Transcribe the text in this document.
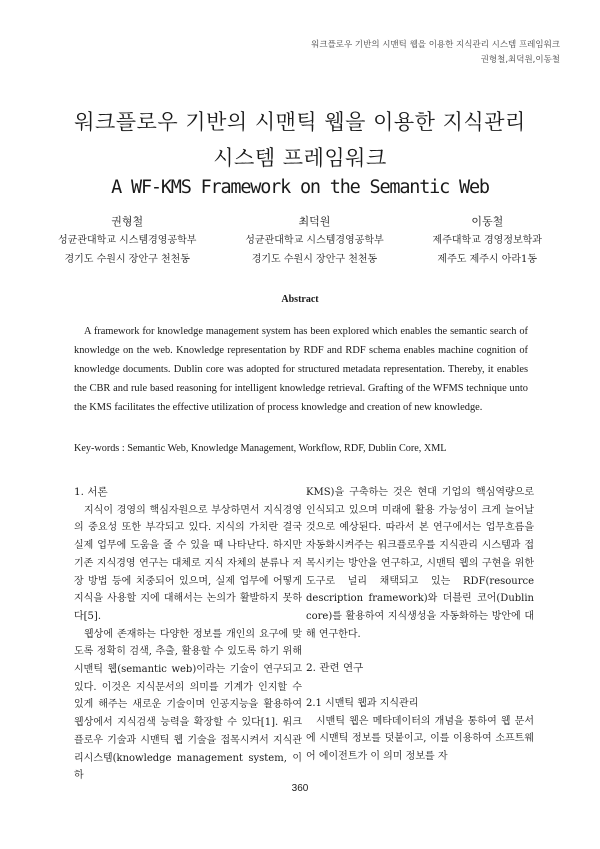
워크플로우 기반의 시맨틱 웹을 이용한 지식관리 시스템 프레임워크
권형철,최덕원,이동철
워크플로우 기반의 시맨틱 웹을 이용한 지식관리
시스템 프레임워크
A WF-KMS Framework on the Semantic Web
권형철
성균관대학교 시스템경영공학부
경기도 수원시 장안구 천천동
최덕원
성균관대학교 시스템경영공학부
경기도 수원시 장안구 천천동
이동철
제주대학교 경영정보학과
제주도 제주시 아라1동
Abstract
A framework for knowledge management system has been explored which enables the semantic search of knowledge on the web. Knowledge representation by RDF and RDF schema enables machine cognition of knowledge documents. Dublin core was adopted for structured metadata representation. Thereby, it enables the CBR and rule based reasoning for intelligent knowledge retrieval. Grafting of the WFMS technique unto the KMS facilitates the effective utilization of process knowledge and creation of new knowledge.
Key-words : Semantic Web, Knowledge Management, Workflow, RDF, Dublin Core, XML
1. 서론

지식이 경영의 핵심자원으로 부상하면서 지식경영의 중요성 또한 부각되고 있다. 지식의 가치란 결국 실제 업무에 도움을 줄 수 있을 때 나타난다. 하지만 기존 지식경영 연구는 대체로 지식 자체의 분류나 저장 방법 등에 치중되어 있으며, 실제 업무에 어떻게 지식을 사용할 지에 대해서는 논의가 활발하지 못하다[5].

웹상에 존재하는 다양한 정보를 개인의 요구에 맞도록 정확히 검색, 추출, 활용할 수 있도록 하기 위해 시맨틱 웹(semantic web)이라는 기술이 연구되고 있다. 이것은 지식문서의 의미를 기계가 인지할 수 있게 해주는 새로운 기술이며 인공지능을 활용하여 웹상에서 지식검색 능력을 확장할 수 있다[1]. 워크플로우 기술과 시맨틱 웹 기술을 접목시켜서 지식관리시스템(knowledge management system, 이하

KMS)을 구축하는 것은 현대 기업의 핵심역량으로 인식되고 있으며 미래에 활용 가능성이 크게 늘어날 것으로 예상된다. 따라서 본 연구에서는 업무흐름을 자동화시켜주는 워크플로우를 지식관리 시스템과 접목시키는 방안을 연구하고, 시맨틱 웹의 구현을 위한 도구로 널리 채택되고 있는 RDF(resource description framework)와 더블린 코어(Dublin core)를 활용하여 지식생성을 자동화하는 방안에 대해 연구한다.

2. 관련 연구
2.1 시맨틱 웹과 지식관리

시맨틱 웹은 메타데이터의 개념을 통하여 웹 문서에 시맨틱 정보를 덧붙이고, 이를 이용하여 소프트웨어 에이전트가 이 의미 정보를 자

360
